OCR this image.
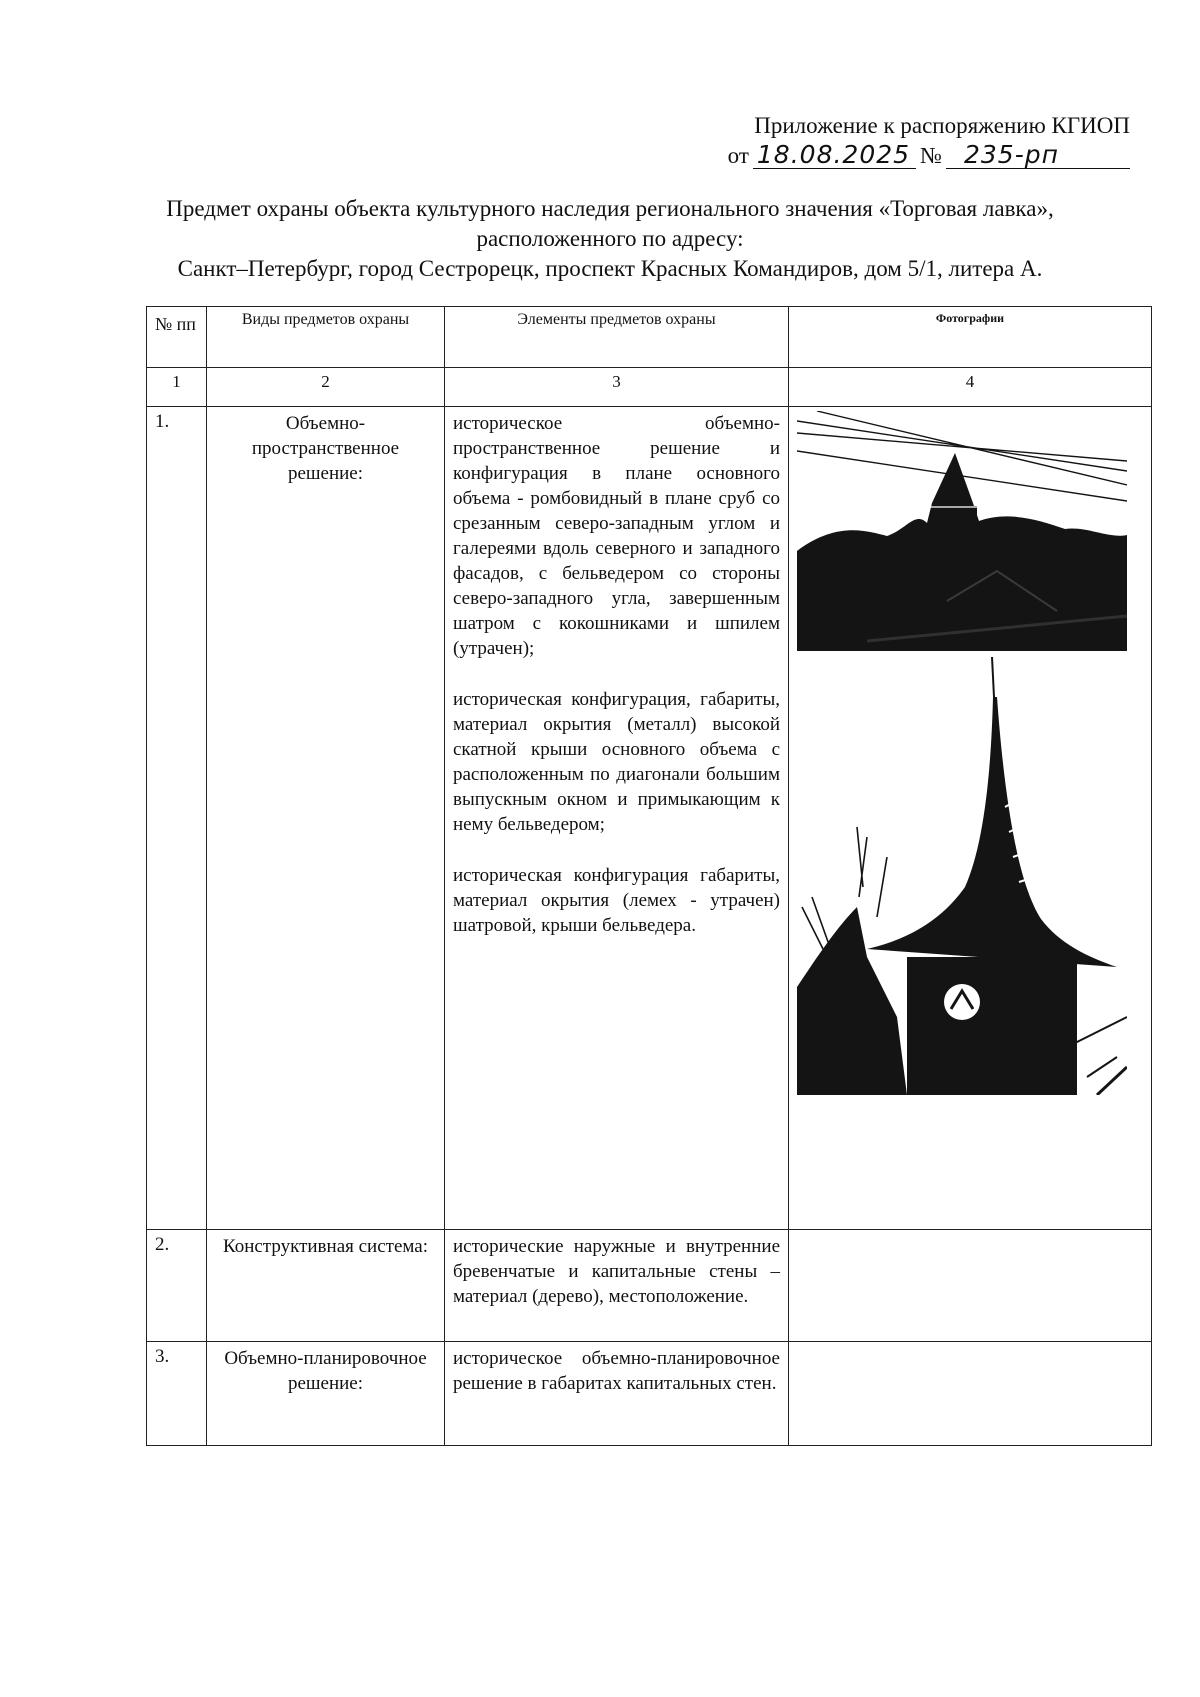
Приложение к распоряжению КГИОП
от 18.08.2025 № 235-рп
Предмет охраны объекта культурного наследия регионального значения «Торговая лавка»,
расположенного по адресу:
Санкт–Петербург, город Сестрорецк, проспект Красных Командиров, дом 5/1, литера А.
№ пп	Виды предметов охраны	Элементы предметов охраны	Фотографии
1	2	3	4
1.	Объемно-пространственное решение:	историческое объемно-пространственное решение и конфигурация в плане основного объема - ромбовидный в плане сруб со срезанным северо-западным углом и галереями вдоль северного и западного фасадов, с бельведером со стороны северо-западного угла, завершенным шатром с кокошниками и шпилем (утрачен);

историческая конфигурация, габариты, материал окрытия (металл) высокой скатной крыши основного объема с расположенным по диагонали большим выпускным окном и примыкающим к нему бельведером;

историческая конфигурация габариты, материал окрытия (лемех - утрачен) шатровой, крыши бельведера.

2.	Конструктивная система:	исторические наружные и внутренние бревенчатые и капитальные стены – материал (дерево), местоположение.	

3.	Объемно-планировочное решение:	историческое объемно-планировочное решение в габаритах капитальных стен.	
